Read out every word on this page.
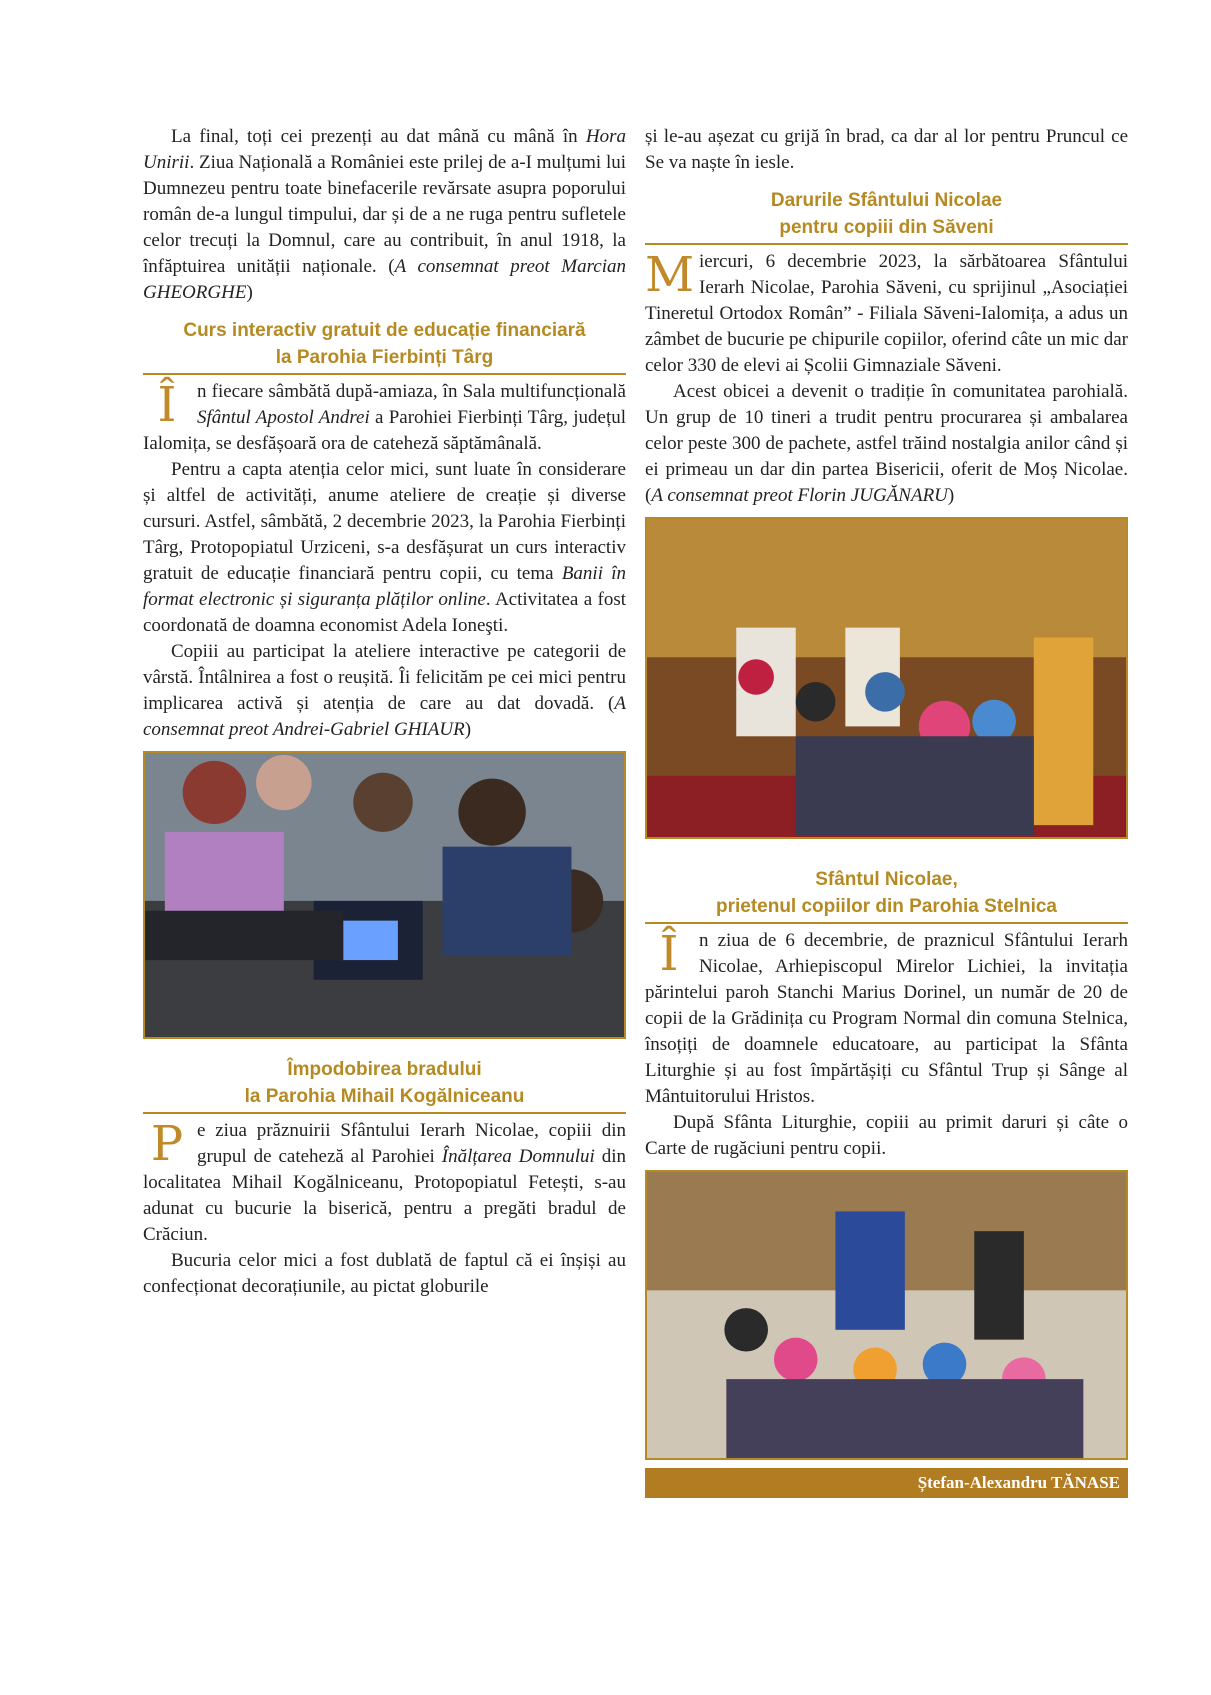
La final, toți cei prezenți au dat mână cu mână în Hora Unirii. Ziua Națională a României este prilej de a-I mulțumi lui Dumnezeu pentru toate binefacerile revărsate asupra poporului român de-a lungul timpului, dar și de a ne ruga pentru sufletele celor trecuți la Domnul, care au contribuit, în anul 1918, la înfăptuirea unității naționale. (A consemnat preot Marcian GHEORGHE)

Curs interactiv gratuit de educație financiară
la Parohia Fierbinți Târg

Î	n fiecare sâmbătă după-amiaza, în Sala multifuncțională Sfântul Apostol Andrei a Parohiei Fierbinți Târg, județul Ialomița, se desfășoară ora de cateheză săptămânală.

Pentru a capta atenția celor mici, sunt luate în considerare și altfel de activități, anume ateliere de creație și diverse cursuri. Astfel, sâmbătă, 2 decembrie 2023, la Parohia Fierbinți Târg, Protopopiatul Urziceni, s-a desfășurat un curs interactiv gratuit de educație financiară pentru copii, cu tema Banii în format electronic și siguranța plăților online. Activitatea a fost coordonată de doamna economist Adela Ioneşti.

Copiii au participat la ateliere interactive pe categorii de vârstă. Întâlnirea a fost o reușită. Îi felicităm pe cei mici pentru implicarea activă și atenția de care au dat dovadă. (A consemnat preot Andrei-Gabriel GHIAUR)

Împodobirea bradului
la Parohia Mihail Kogălniceanu

Pe ziua prăznuirii Sfântului Ierarh Nicolae, copiii din grupul de cateheză al Parohiei Înălțarea Domnului din localitatea Mihail Kogălniceanu, Protopopiatul Fetești, s-au adunat cu bucurie la biserică, pentru a pregăti bradul de Crăciun.

Bucuria celor mici a fost dublată de faptul că ei înșiși au confecționat decorațiunile, au pictat globurile

și le-au așezat cu grijă în brad, ca dar al lor pentru Pruncul ce Se va naște în iesle.

Darurile Sfântului Nicolae
pentru copiii din Săveni

Miercuri, 6 decembrie 2023, la sărbătoarea Sfântului Ierarh Nicolae, Parohia Săveni, cu sprijinul „Asociației Tineretul Ortodox Român” - Filiala Săveni-Ialomița, a adus un zâmbet de bucurie pe chipurile copiilor, oferind câte un mic dar celor 330 de elevi ai Școlii Gimnaziale Săveni.

Acest obicei a devenit o tradiție în comunitatea parohială. Un grup de 10 tineri a trudit pentru procurarea și ambalarea celor peste 300 de pachete, astfel trăind nostalgia anilor când și ei primeau un dar din partea Bisericii, oferit de Moș Nicolae. (A consemnat preot Florin JUGĂNARU)

Sfântul Nicolae,
prietenul copiilor din Parohia Stelnica

Î	n ziua de 6 decembrie, de praznicul Sfântului Ierarh Nicolae, Arhiepiscopul Mirelor Lichiei, la invitația părintelui paroh Stanchi Marius Dorinel, un număr de 20 de copii de la Grădinița cu Program Normal din comuna Stelnica, însoțiți de doamnele educatoare, au participat la Sfânta Liturghie și au fost împărtășiți cu Sfântul Trup și Sânge al Mântuitorului Hristos.

După Sfânta Liturghie, copiii au primit daruri și câte o Carte de rugăciuni pentru copii.

Ștefan-Alexandru TĂNASE
